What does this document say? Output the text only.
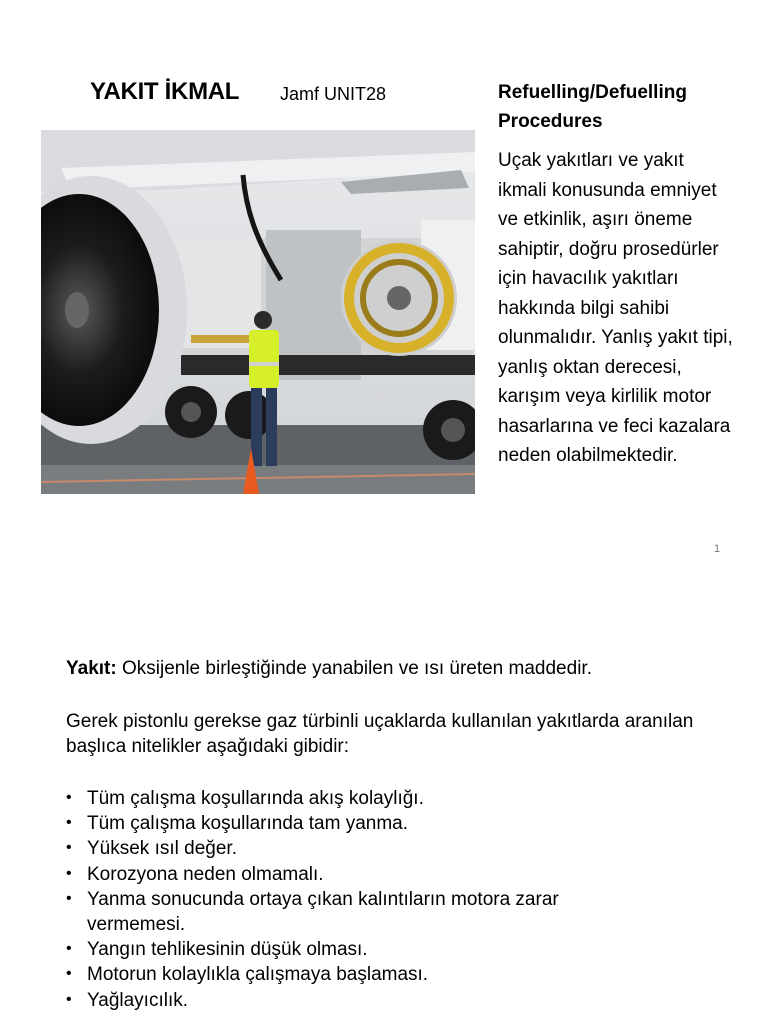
YAKIT İKMAL Jamf UNIT28	Refuelling/Defuelling Procedures
Uçak yakıtları ve yakıt ikmali konusunda emniyet ve etkinlik, aşırı öneme sahiptir, doğru prosedürler için havacılık yakıtları hakkında bilgi sahibi olunmalıdır. Yanlış yakıt tipi, yanlış oktan derecesi, karışım veya kirlilik motor hasarlarına ve feci kazalara neden olabilmektedir.
1
Yakıt: Oksijenle birleştiğinde yanabilen ve ısı üreten maddedir.
Gerek pistonlu gerekse gaz türbinli uçaklarda kullanılan yakıtlarda aranılan başlıca nitelikler aşağıdaki gibidir:
• Tüm çalışma koşullarında akış kolaylığı.
• Tüm çalışma koşullarında tam yanma.
• Yüksek ısıl değer.
• Korozyona neden olmamalı.
• Yanma sonucunda ortaya çıkan kalıntıların motora zarar vermemesi.
• Yangın tehlikesinin düşük olması.
• Motorun kolaylıkla çalışmaya başlaması.
• Yağlayıcılık.
